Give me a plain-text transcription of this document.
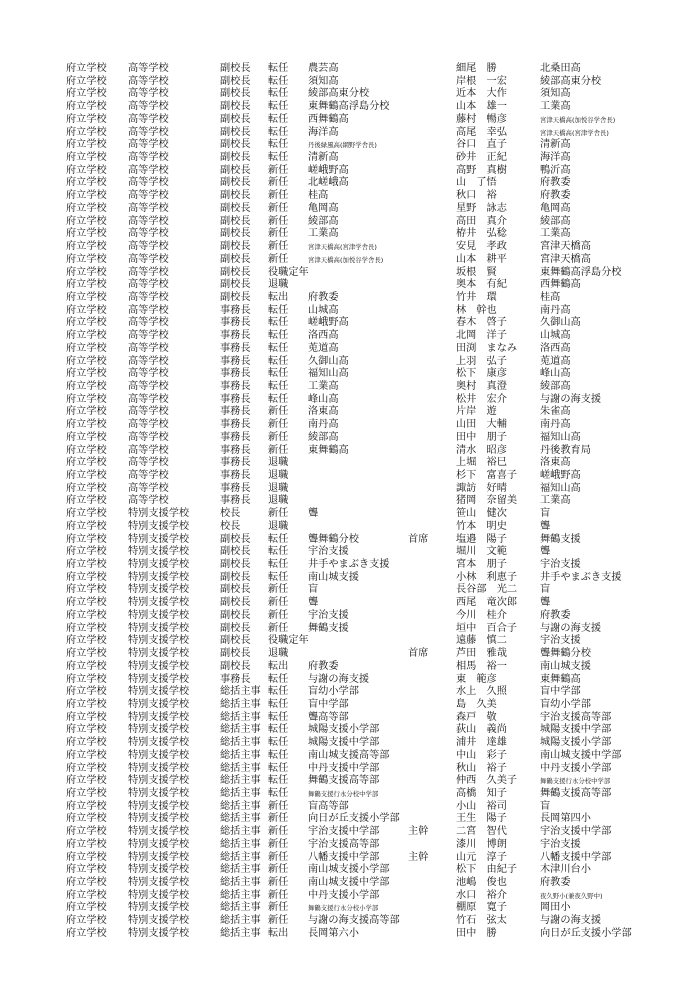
府立学校 高等学校	副校長 転任 農芸高	細尾　勝	北桑田高
府立学校 高等学校	副校長 転任 須知高	岸根　一宏	綾部高東分校
府立学校 高等学校	副校長 転任 綾部高東分校	近本　大作	須知高
府立学校 高等学校	副校長 転任 東舞鶴高浮島分校	山本　雄一	工業高
府立学校 高等学校	副校長 転任 西舞鶴高	藤村　暢彦	宮津天橋高(加悦谷学舎長)
府立学校 高等学校	副校長 転任 海洋高	高尾　幸弘	宮津天橋高(宮津学舎長)
府立学校 高等学校	副校長 転任	丹後緑風高(網野学舎長)	谷口　直子	清新高
府立学校 高等学校	副校長 転任 清新高	砂井　正紀	海洋高
府立学校 高等学校	副校長 新任 嵯峨野高	高野　真樹	鴨沂高
府立学校 高等学校	副校長 新任 北嵯峨高	山　了悟	府教委
府立学校 高等学校	副校長 新任 桂高	秋口　裕	府教委
府立学校 高等学校	副校長 新任 亀岡高	星野　詠志	亀岡高
府立学校 高等学校	副校長 新任 綾部高	高田　真介	綾部高
府立学校 高等学校	副校長 新任 工業高	栫井　弘稔	工業高
府立学校 高等学校	副校長 新任	宮津天橋高(宮津学舎長)	安見　孝政	宮津天橋高
府立学校 高等学校	副校長 新任	宮津天橋高(加悦谷学舎長)	山本　耕平	宮津天橋高
府立学校 高等学校	副校長 役職定年	坂根　賢	東舞鶴高浮島分校
府立学校 高等学校	副校長 退職	奥本　有紀	西舞鶴高
府立学校 高等学校	副校長 転出 府教委	竹井　環	桂高
府立学校 高等学校	事務長 転任 山城高	林　幹也	南丹高
府立学校 高等学校	事務長 転任 嵯峨野高	春木　啓子	久御山高
府立学校 高等学校	事務長 転任 洛西高	北岡　洋子	山城高
府立学校 高等学校	事務長 転任 莵道高	田渕　まなみ 洛西高
府立学校 高等学校	事務長 転任 久御山高	上羽　弘子	莵道高
府立学校 高等学校	事務長 転任 福知山高	松下　康彦	峰山高
府立学校 高等学校	事務長 転任 工業高	奥村　真澄	綾部高
府立学校 高等学校	事務長 転任 峰山高	松井　宏介	与謝の海支援
府立学校 高等学校	事務長 新任 洛東高	片岸　遊	朱雀高
府立学校 高等学校	事務長 新任 南丹高	山田　大輔	南丹高
府立学校 高等学校	事務長 新任 綾部高	田中　朋子	福知山高
府立学校 高等学校	事務長 新任 東舞鶴高	清水　昭彦	丹後教育局
府立学校 高等学校	事務長 退職	上堀　裕巳	洛東高
府立学校 高等学校	事務長 退職	杉下　富喜子 嵯峨野高
府立学校 高等学校	事務長 退職	諏訪　好晴	福知山高
府立学校 高等学校	事務長 退職	猪岡　奈留美 工業高
府立学校 特別支援学校	校長	新任 聾	笹山　健次	盲
府立学校 特別支援学校	校長	退職	竹本　明史	聾
府立学校 特別支援学校	副校長 転任 聾舞鶴分校	首席	塩邉　陽子	舞鶴支援
府立学校 特別支援学校	副校長 転任 宇治支援	堀川　文範	聾
府立学校 特別支援学校	副校長 転任 井手やまぶき支援	宮本　朋子	宇治支援
府立学校 特別支援学校	副校長 転任 南山城支援	小林　利恵子 井手やまぶき支援
府立学校 特別支援学校	副校長 新任 盲	長谷部　光二 盲
府立学校 特別支援学校	副校長 新任 聾	西尾　竜次郎 聾
府立学校 特別支援学校	副校長 新任 宇治支援	今川　桂介	府教委
府立学校 特別支援学校	副校長 新任 舞鶴支援	垣中　百合子 与謝の海支援
府立学校 特別支援学校	副校長 役職定年	遠藤　慎二	宇治支援
府立学校 特別支援学校	副校長 退職	首席	芦田　雅哉	聾舞鶴分校
府立学校 特別支援学校	副校長 転出 府教委	相馬　裕一	南山城支援
府立学校 特別支援学校	事務長 転任 与謝の海支援	東　範彦	東舞鶴高
府立学校 特別支援学校	総括主事 転任 盲幼小学部	水上　久照	盲中学部
府立学校 特別支援学校	総括主事 転任 盲中学部	島　久美	盲幼小学部
府立学校 特別支援学校	総括主事 転任 聾高等部	森戸　敬	宇治支援高等部
府立学校 特別支援学校	総括主事 転任 城陽支援小学部	荻山　義尚	城陽支援中学部
府立学校 特別支援学校	総括主事 転任 城陽支援中学部	浦井　達雄	城陽支援小学部
府立学校 特別支援学校	総括主事 転任 南山城支援高等部	中山　彩子	南山城支援中学部
府立学校 特別支援学校	総括主事 転任 中丹支援中学部	秋山　裕子	中丹支援小学部
府立学校 特別支援学校	総括主事 転任 舞鶴支援高等部	仲西　久美子	舞鶴支援行永分校中学部
府立学校 特別支援学校	総括主事 転任	舞鶴支援行永分校中学部	高橋　知子	舞鶴支援高等部
府立学校 特別支援学校	総括主事 新任 盲高等部	小山　裕司	盲
府立学校 特別支援学校	総括主事 新任 向日が丘支援小学部	王生　陽子	長岡第四小
府立学校 特別支援学校	総括主事 新任 宇治支援中学部	主幹	二宮　智代	宇治支援中学部
府立学校 特別支援学校	総括主事 新任 宇治支援高等部	漆川　博朗	宇治支援
府立学校 特別支援学校	総括主事 新任 八幡支援中学部	主幹	山元　淳子	八幡支援中学部
府立学校 特別支援学校	総括主事 新任 南山城支援小学部	松下　由紀子 木津川台小
府立学校 特別支援学校	総括主事 新任 南山城支援中学部	池嶋　俊也	府教委
府立学校 特別支援学校	総括主事 新任 中丹支援小学部	水口　裕介	夜久野小(兼夜久野中)
府立学校 特別支援学校	総括主事 新任	舞鶴支援行永分校小学部	棚原　寛子	岡田小
府立学校 特別支援学校	総括主事 新任 与謝の海支援高等部	竹石　弦太	与謝の海支援
府立学校 特別支援学校	総括主事 転出 長岡第六小	田中　勝	向日が丘支援小学部
